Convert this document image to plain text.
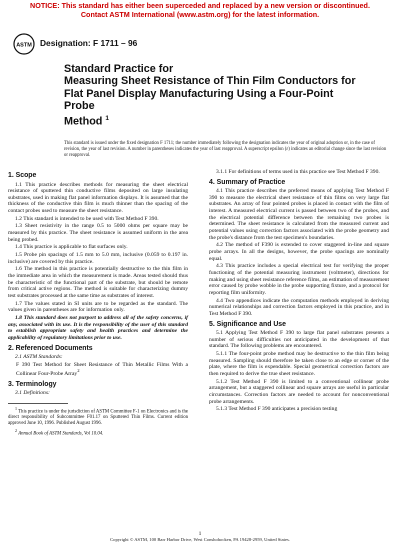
NOTICE: This standard has either been superceded and replaced by a new version or discontinued.
Contact ASTM International (www.astm.org) for the latest information.
ASTM Designation: F 1711 – 96
Standard Practice for
Measuring Sheet Resistance of Thin Film Conductors for
Flat Panel Display Manufacturing Using a Four-Point Probe
Method $^1$
This standard is issued under the fixed designation F 1711; the number immediately following the designation indicates the year of original adoption or, in the case of revision, the year of last revision. A number in parentheses indicates the year of last reapproval. A superscript epsilon (ε) indicates an editorial change since the last revision or reapproval.
1. Scope

1.1 This practice describes methods for measuring the sheet electrical resistance of sputtered thin conductive films deposited on large insulating substrates, used in making flat panel information displays. It is assumed that the thickness of the conductive thin film is much thinner than the spacing of the contact probes used to measure the sheet resistance.

1.2 This standard is intended to be used with Test Method F 390.

1.3 Sheet resistivity in the range 0.5 to 5000 ohms per square may be measured by this practice. The sheet resistance is assumed uniform in the area being probed.

1.4 This practice is applicable to flat surfaces only.

1.5 Probe pin spacings of 1.5 mm to 5.0 mm, inclusive (0.059 to 0.197 in. inclusive) are covered by this practice.

1.6 The method in this practice is potentially destructive to the thin film in the immediate area in which the measurement is made. Areas tested should thus be characteristic of the functional part of the substrate, but should be remote from critical active regions. The method is suitable for characterizing dummy test substrates processed at the same time as substrates of interest.

1.7 The values stated in SI units are to be regarded as the standard. The values given in parentheses are for information only.

1.8 This standard does not purport to address all of the safety concerns, if any, associated with its use. It is the responsibility of the user of this standard to establish appropriate safety and health practices and determine the applicability of regulatory limitations prior to use.

2. Referenced Documents

2.1 ASTM Standards:

F 390 Test Method for Sheet Resistance of Thin Metallic Films With a Collinear Four-Probe Array$^2$

3. Terminology

3.1 Definitions:

$^1$ This practice is under the jurisdiction of ASTM Committee F-1 on Electronics and is the direct responsibility of Subcommittee F01.17 on Sputtered Thin Films. Current edition approved June 10, 1996. Published August 1996.

$^2$ Annual Book of ASTM Standards, Vol 10.04.

3.1.1 For definitions of terms used in this practice see Test Method F 390.

4. Summary of Practice

4.1 This practice describes the preferred means of applying Test Method F 390 to measure the electrical sheet resistance of thin films on very large flat substrates. An array of four pointed probes is placed in contact with the film of interest. A measured electrical current is passed between two of the probes, and the electrical potential difference between the remaining two probes is determined. The sheet resistance is calculated from the measured current and potential values using correction factors associated with the probe geometry and the probe's distance from the test specimen's boundaries.

4.2 The method of F390 is extended to cover staggered in-line and square probe arrays. In all the designs, however, the probe spacings are nominally equal.

4.3 This practice includes a special electrical test for verifying the proper functioning of the potential measuring instrument (voltmeter), directions for making and using sheet resistance reference films, an estimation of measurement error caused by probe wobble in the probe supporting fixture, and a protocol for reporting film uniformity.

4.4 Two appendices indicate the computation methods employed in deriving numerical relationships and correction factors employed in this practice, and in Test Method F 390.

5. Significance and Use

5.1 Applying Test Method F 390 to large flat panel substrates presents a number of serious difficulties not anticipated in the development of that standard. The following problems are encountered.

5.1.1 The four-point probe method may be destructive to the thin film being measured. Sampling should therefore be taken close to an edge or corner of the plate, where the film is expendable. Special geometrical correction factors are then required to derive the true sheet resistance.

5.1.2 Test Method F 390 is limited to a conventional collinear probe arrangement, but a staggered collinear and square arrays are useful in particular circumstances. Correction factors are needed to account for nonconventional probe arrangements.

5.1.3 Test Method F 390 anticipates a precision testing

1
Copyright © ASTM, 100 Barr Harbor Drive, West Conshohocken, PA 19428-2959, United States.
